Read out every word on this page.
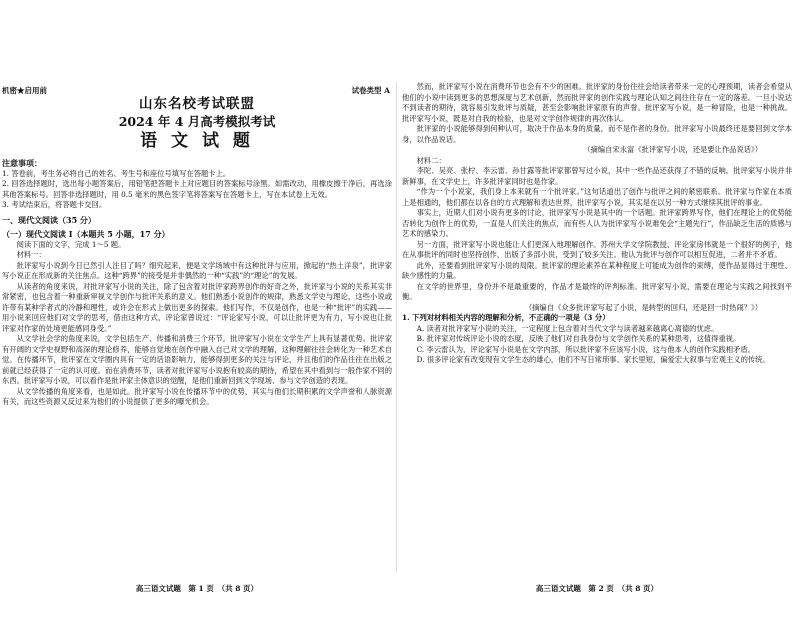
机密★启用前	试卷类型 A
山东名校考试联盟
2024 年 4 月高考模拟考试
语 文 试 题

注意事项：

1. 答卷前，考生务必将自己的姓名、考生号和座位号填写在答题卡上。

2. 回答选择题时，选出每小题答案后，用铅笔把答题卡上对应题目的答案标号涂黑。如需改动，用橡皮擦干净后，再选涂其他答案标号。回答非选择题时，用 0.5 毫米的黑色签字笔将答案写在答题卡上，写在本试卷上无效。

3. 考试结束后，将答题卡交回。

一、现代文阅读（35 分）

（一）现代文阅读 I（本题共 5 小题，17 分）

阅读下面的文字，完成 1～5 题。

材料一：

批评家写小说到今日已然引人注目了吗？细究起来，便是文学场域中有这种批评与应用，掀起的“热土洋泉”，批评家写小说正在形成新的关注焦点。这种“跨界”的接受是并非偶然的一种“实践”的“理论”的发展。

从读者的角度来说，对批评家写小说的关注，除了包含着对批评家跨界创作的好奇之外，批评家与小说的关系其实非常紧密，也包含着一种重新审视文学创作与批评关系的意义。他们熟悉小说创作的规律，熟悉文学史与理论，这些小说或许带有某种学者式的冷静和理性，或许会在形式上做出更多的探索。他们写作，不仅是创作，也是一种“批评”的实践——用小说来回应他们对文学的思考，借由这种方式，评论家曾说过：“评论家写小说，可以让批评更为有力，写小说也让批评家对作家的处境更能感同身受。”

从文学社会学的角度来说，文学包括生产、传播和消费三个环节。批评家写小说在文学生产上具有显著优势。批评家有开阔的文学史视野和高深的理论修养，能够自觉地在创作中融入自己对文学的理解，这种理解往往会转化为一种艺术自觉。在传播环节，批评家在文学圈内具有一定的话语影响力，能够得到更多的关注与评论，并且他们的作品往往在出版之前就已经获得了一定的认可度。而在消费环节，读者对批评家写小说抱有较高的期待，希望在其中看到与一般作家不同的东西。批评家写小说，可以看作是批评家主体意识的觉醒，是他们重新回到文学现场、参与文学创造的表现。

从文学传播的角度来看，也是如此。批评家写小说在传播环节中的优势，其实与他们长期积累的文学声誉和人脉资源有关，而这些资源又反过来为他们的小说提供了更多的曝光机会。

然而，批评家写小说在消费环节也会有不少的困难。批评家的身份往往会给读者带来一定的心理预期，读者会希望从他们的小说中读到更多的思想深度与艺术创新，然而批评家的创作实践与理论认知之间往往存在一定的落差。一旦小说达不到读者的期待，就容易引发批评与质疑，甚至会影响批评家原有的声誉。批评家写小说，是一种冒险，也是一种挑战。批评家写小说，既是对自我的检验，也是对文学创作规律的再次体认。

批评家的小说能够得到何种认可，取决于作品本身的质量，而不是作者的身份。批评家写小说最终还是要回到文学本身，以作品说话。

（摘编自宋永富《批评家写小说，还是要让作品说话》）

材料二：

李陀、吴亮、张柠、李云雷、孙甘露等批评家都曾写过小说，其中一些作品还获得了不错的反响。批评家写小说并非新鲜事，在文学史上，许多批评家同时也是作家。

“作为一个小说家，我们身上本来就有一个批评家。”这句话道出了创作与批评之间的紧密联系。批评家与作家在本质上是相通的，他们都在以各自的方式理解和表达世界，批评家写小说，其实是在以另一种方式继续其批评的事业。

事实上，近期人们对小说有更多的讨论，批评家写小说是其中的一个话题。批评家跨界写作，他们在理论上的优势能否转化为创作上的优势，一直是人们关注的焦点，而有些人认为批评家写小说难免会“主题先行”，作品缺乏生活的质感与艺术的感染力。

另一方面，批评家写小说也能让人们更深入地理解创作。苏州大学文学院教授、评论家房伟就是一个很好的例子，他在从事批评的同时也坚持创作，出版了多部小说，受到了较多关注。他认为批评与创作可以相互促进，二者并不矛盾。

此外，还要看到批评家写小说的局限。批评家的理论素养在某种程度上可能成为创作的束缚，使作品显得过于理性、缺少感性的力量。

在文学的世界里，身份并不是最重要的，作品才是最终的评判标准。批评家写小说，需要在理论与实践之间找到平衡。

（摘编自《众多批评家写起了小说，是转型的回归，还是回一时热闹？》）

1. 下列对材料相关内容的理解和分析，不正确的一项是（3 分）

A. 读者对批评家写小说的关注，一定程度上包含着对当代文学与读者越来越离心离德的忧虑。

B. 批评家对传统评论小说的态度，反映了他们对自我身份与文学创作关系的某种思考，这值得重视。

C. 李云雷认为，评论家写小说是在文学内部，所以批评家不应该写小说，这与他本人的创作实践相矛盾。

D. 很多评论家有改变现有文学生态的雄心，他们不写日常琐事、家长里短，偏爱宏大叙事与宏观主义的传统。

高三语文试题　第 1 页　（共 8 页）	高三语文试题　第 2 页　（共 8 页）
